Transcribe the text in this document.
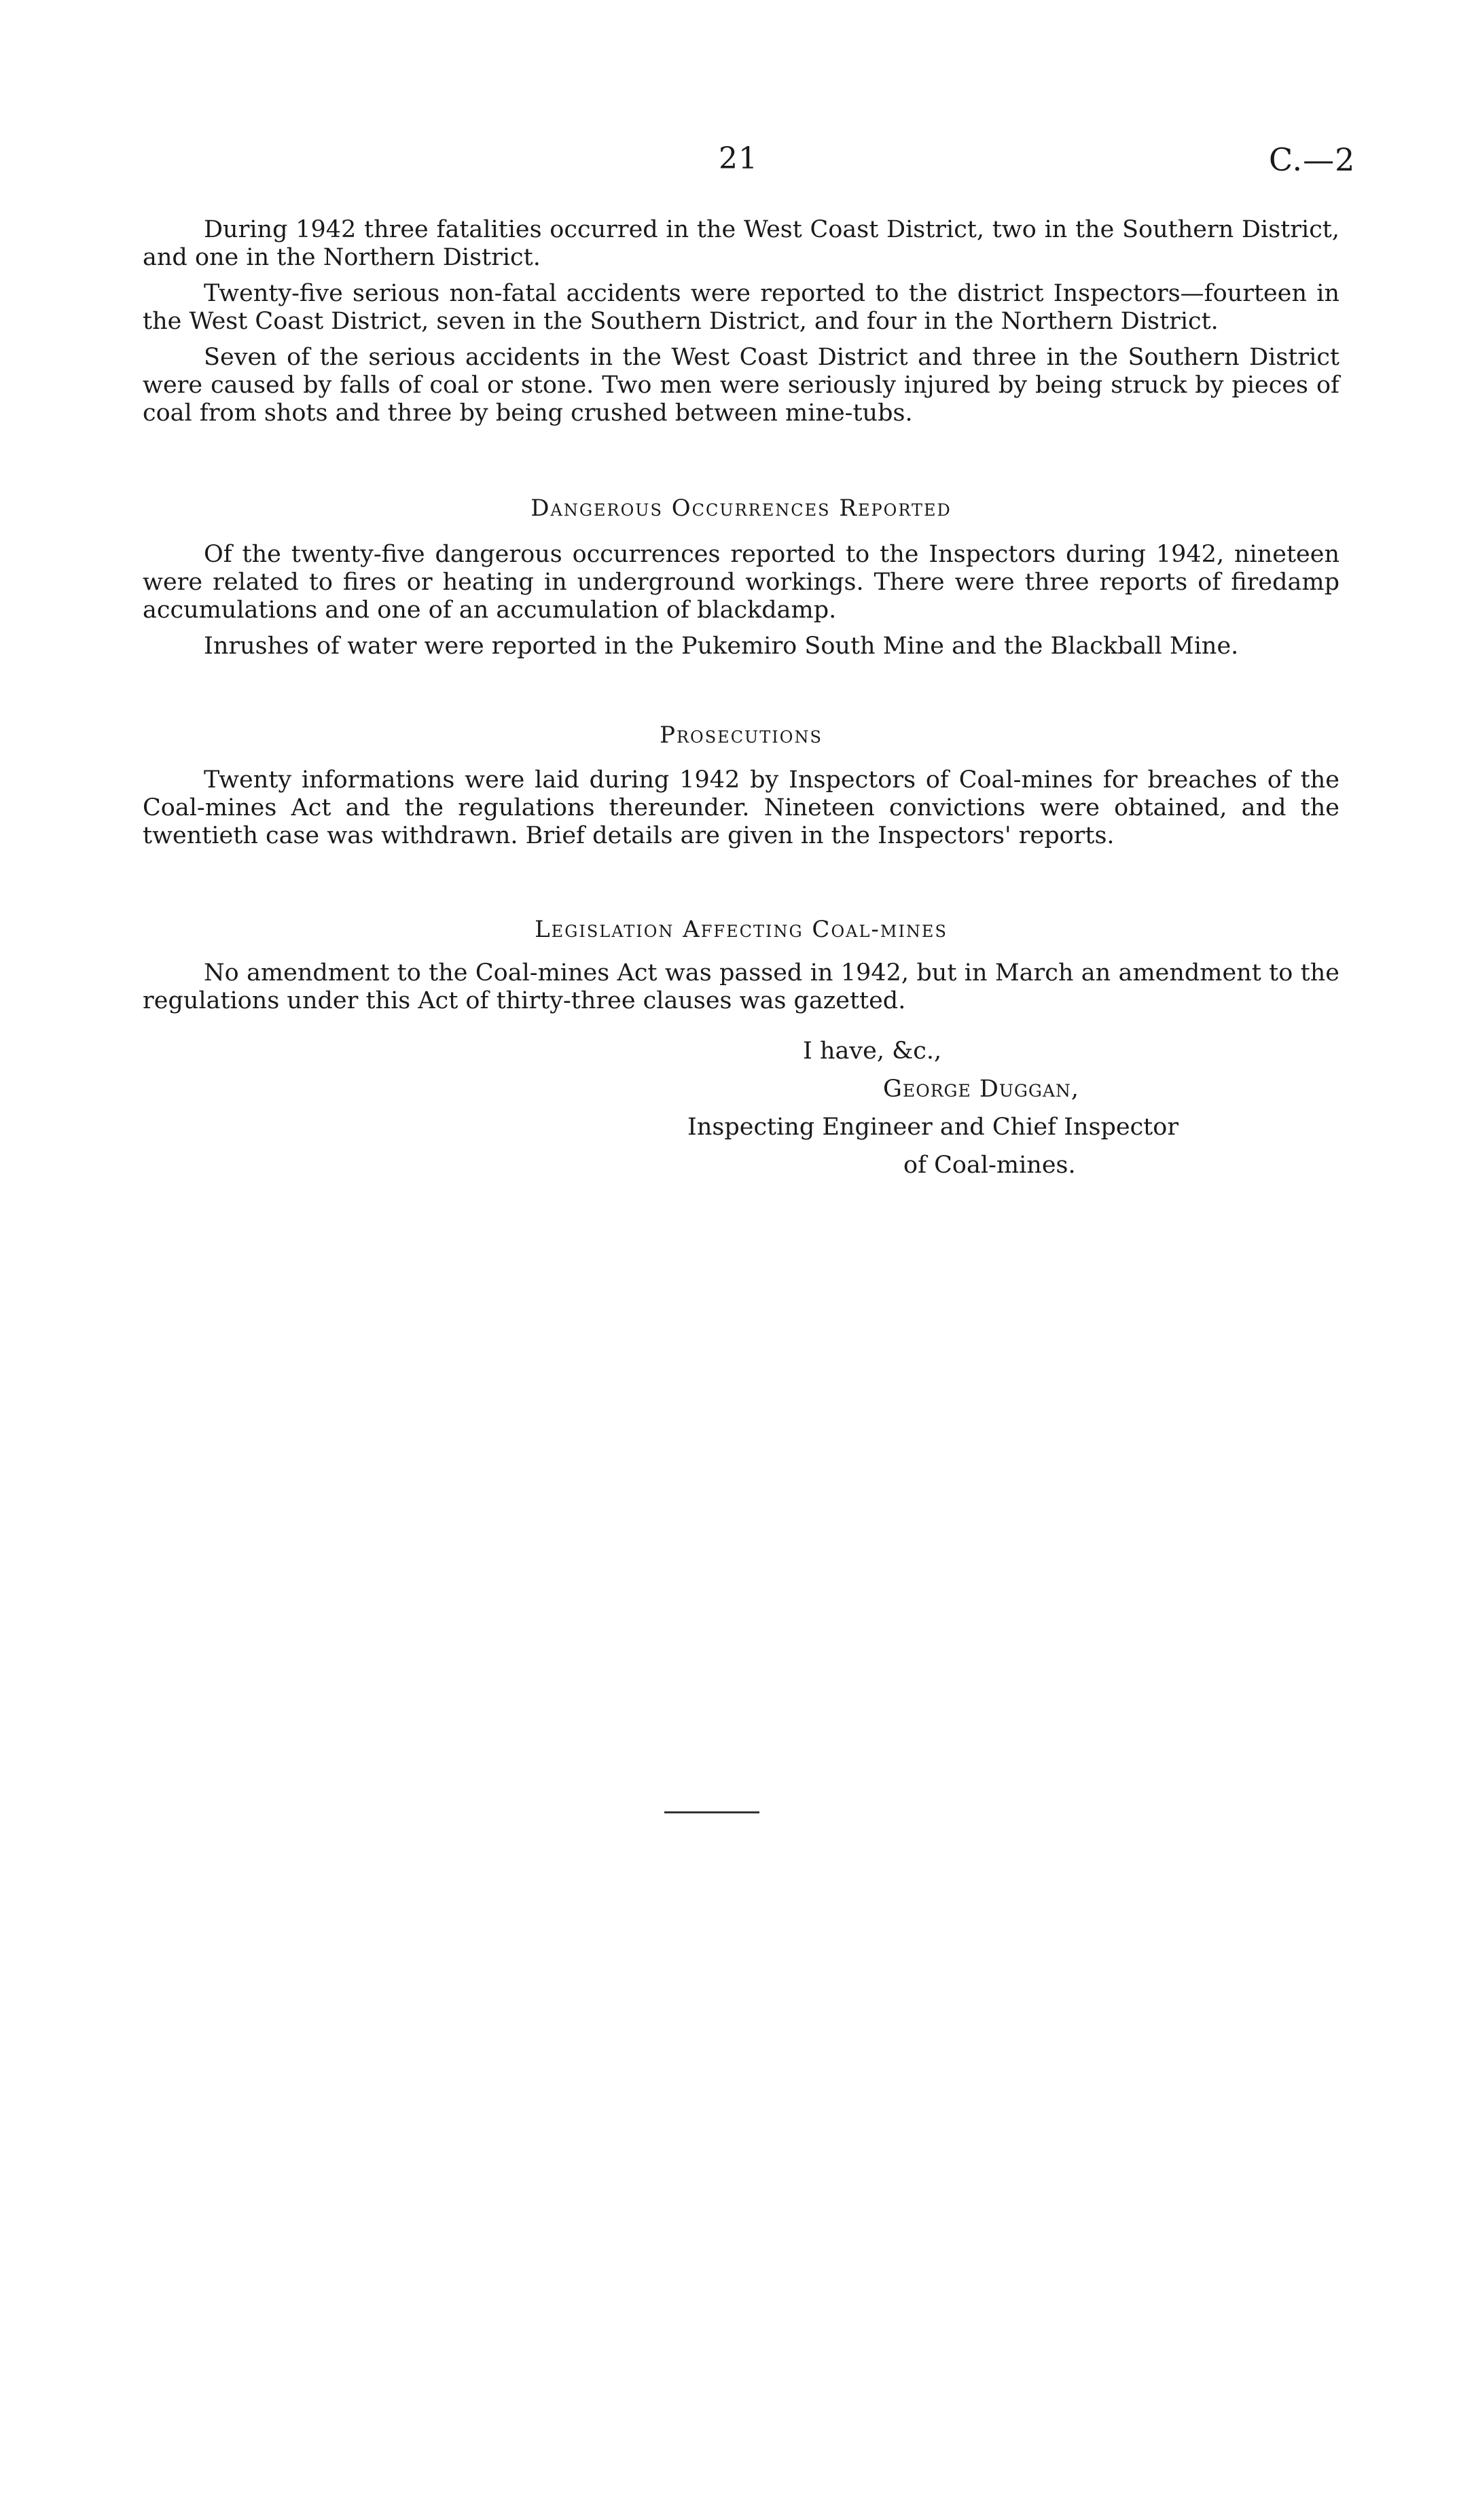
21	C.—2

During 1942 three fatalities occurred in the West Coast District, two in the Southern District, and one in the Northern District.

Twenty-five serious non-fatal accidents were reported to the district Inspectors—fourteen in the West Coast District, seven in the Southern District, and four in the Northern District.

Seven of the serious accidents in the West Coast District and three in the Southern District were caused by falls of coal or stone. Two men were seriously injured by being struck by pieces of coal from shots and three by being crushed between mine-tubs.

Dangerous Occurrences Reported

Of the twenty-five dangerous occurrences reported to the Inspectors during 1942, nineteen were related to fires or heating in underground workings. There were three reports of firedamp accumulations and one of an accumulation of blackdamp.

Inrushes of water were reported in the Pukemiro South Mine and the Blackball Mine.

Prosecutions

Twenty informations were laid during 1942 by Inspectors of Coal-mines for breaches of the Coal-mines Act and the regulations thereunder. Nineteen convictions were obtained, and the twentieth case was withdrawn. Brief details are given in the Inspectors' reports.

Legislation Affecting Coal-mines

No amendment to the Coal-mines Act was passed in 1942, but in March an amendment to the regulations under this Act of thirty-three clauses was gazetted.

I have, &c.,
George Duggan,
Inspecting Engineer and Chief Inspector
of Coal-mines.
